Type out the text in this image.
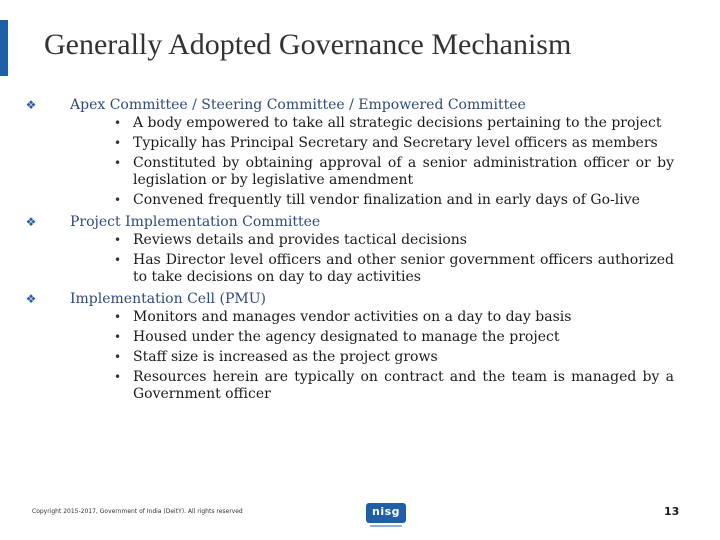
Generally Adopted Governance Mechanism
❖ Apex Committee / Steering Committee / Empowered Committee
• A body empowered to take all strategic decisions pertaining to the project
• Typically has Principal Secretary and Secretary level officers as members
• Constituted by obtaining approval of a senior administration officer or by legislation or by legislative amendment
• Convened frequently till vendor finalization and in early days of Go-live
❖ Project Implementation Committee
• Reviews details and provides tactical decisions
• Has Director level officers and other senior government officers authorized to take decisions on day to day activities
❖ Implementation Cell (PMU)
• Monitors and manages vendor activities on a day to day basis
• Housed under the agency designated to manage the project
• Staff size is increased as the project grows
• Resources herein are typically on contract and the team is managed by a Government officer
Copyright 2015-2017, Government of India (DeitY). All rights reserved	nisg	13
